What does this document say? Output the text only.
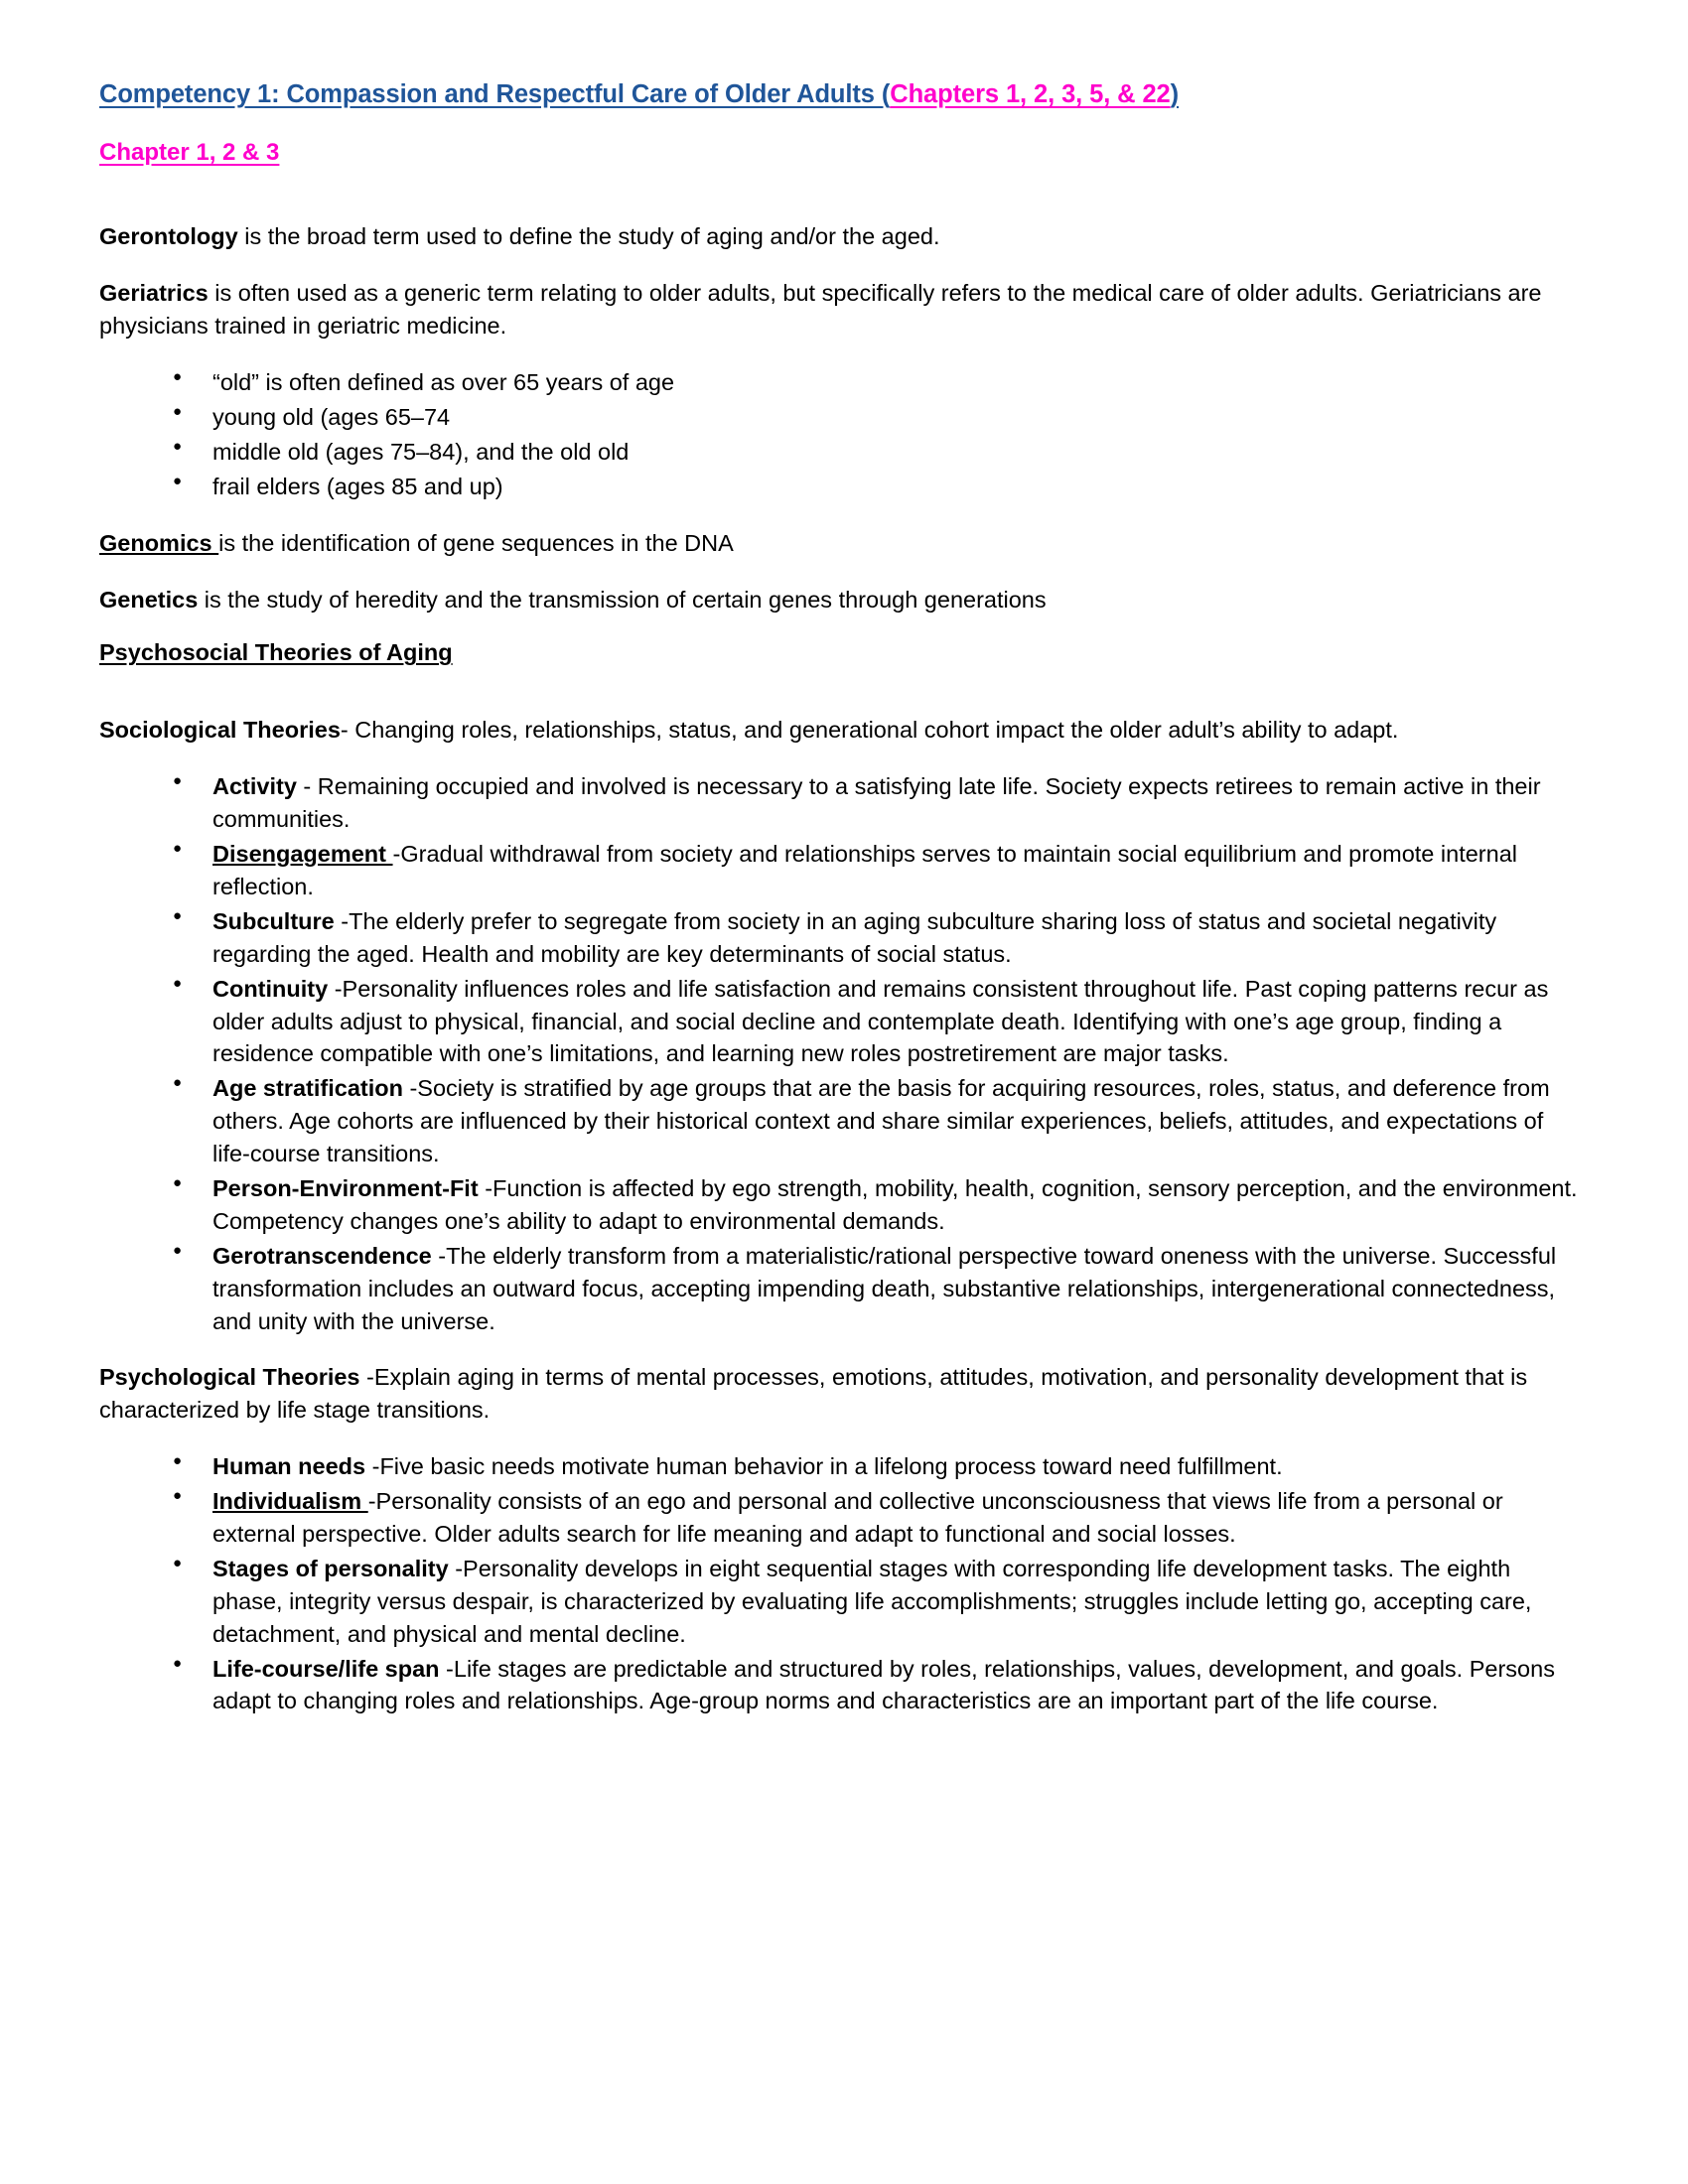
Competency 1: Compassion and Respectful Care of Older Adults (Chapters 1, 2, 3, 5, & 22)
Chapter 1, 2 & 3

Gerontology is the broad term used to define the study of aging and/or the aged.

Geriatrics is often used as a generic term relating to older adults, but specifically refers to the medical care of older adults. Geriatricians are physicians trained in geriatric medicine.

● “old” is often defined as over 65 years of age
● young old (ages 65–74
● middle old (ages 75–84), and the old old
● frail elders (ages 85 and up)

Genomics is the identification of gene sequences in the DNA

Genetics is the study of heredity and the transmission of certain genes through generations

Psychosocial Theories of Aging

Sociological Theories- Changing roles, relationships, status, and generational cohort impact the older adult’s ability to adapt.

● Activity - Remaining occupied and involved is necessary to a satisfying late life. Society expects retirees to remain active in their communities.
● Disengagement -Gradual withdrawal from society and relationships serves to maintain social equilibrium and promote internal reflection.
● Subculture -The elderly prefer to segregate from society in an aging subculture sharing loss of status and societal negativity regarding the aged. Health and mobility are key determinants of social status.
● Continuity -Personality influences roles and life satisfaction and remains consistent throughout life. Past coping patterns recur as older adults adjust to physical, financial, and social decline and contemplate death. Identifying with one’s age group, finding a residence compatible with one’s limitations, and learning new roles postretirement are major tasks.
● Age stratification -Society is stratified by age groups that are the basis for acquiring resources, roles, status, and deference from others. Age cohorts are influenced by their historical context and share similar experiences, beliefs, attitudes, and expectations of life-course transitions.
● Person-Environment-Fit -Function is affected by ego strength, mobility, health, cognition, sensory perception, and the environment. Competency changes one’s ability to adapt to environmental demands.
● Gerotranscendence -The elderly transform from a materialistic/rational perspective toward oneness with the universe. Successful transformation includes an outward focus, accepting impending death, substantive relationships, intergenerational connectedness, and unity with the universe.

Psychological Theories -Explain aging in terms of mental processes, emotions, attitudes, motivation, and personality development that is characterized by life stage transitions.

● Human needs -Five basic needs motivate human behavior in a lifelong process toward need fulfillment.
● Individualism -Personality consists of an ego and personal and collective unconsciousness that views life from a personal or external perspective. Older adults search for life meaning and adapt to functional and social losses.
● Stages of personality -Personality develops in eight sequential stages with corresponding life development tasks. The eighth phase, integrity versus despair, is characterized by evaluating life accomplishments; struggles include letting go, accepting care, detachment, and physical and mental decline.
● Life-course/life span -Life stages are predictable and structured by roles, relationships, values, development, and goals. Persons adapt to changing roles and relationships. Age-group norms and characteristics are an important part of the life course.
